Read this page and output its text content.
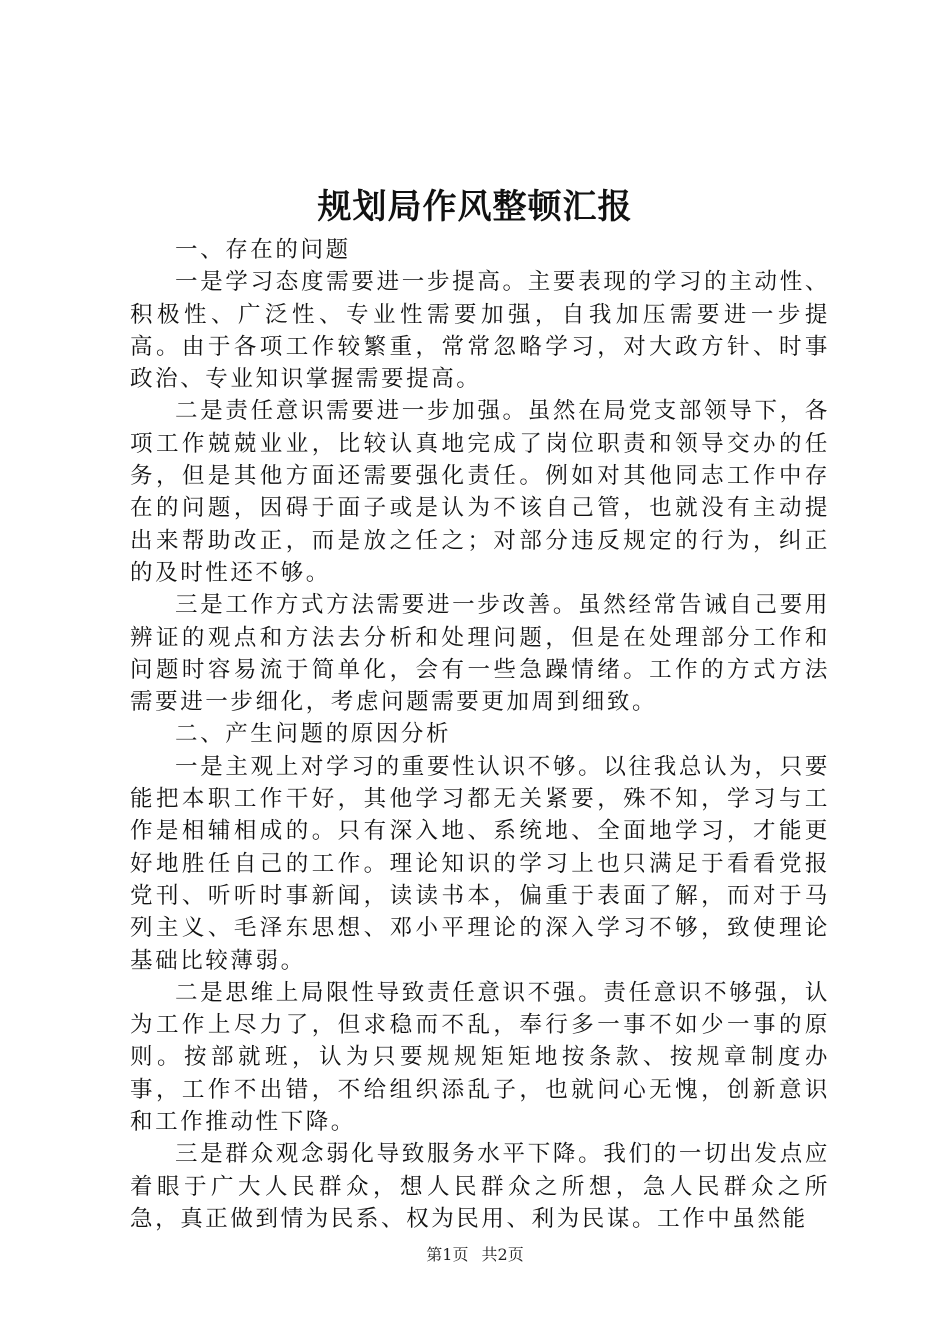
规划局作风整顿汇报

一、存在的问题

一是学习态度需要进一步提高。主要表现的学习的主动性、积极性、广泛性、专业性需要加强，自我加压需要进一步提高。由于各项工作较繁重，常常忽略学习，对大政方针、时事政治、专业知识掌握需要提高。

二是责任意识需要进一步加强。虽然在局党支部领导下，各项工作兢兢业业，比较认真地完成了岗位职责和领导交办的任务，但是其他方面还需要强化责任。例如对其他同志工作中存在的问题，因碍于面子或是认为不该自己管，也就没有主动提出来帮助改正，而是放之任之；对部分违反规定的行为，纠正的及时性还不够。

三是工作方式方法需要进一步改善。虽然经常告诫自己要用辨证的观点和方法去分析和处理问题，但是在处理部分工作和问题时容易流于简单化，会有一些急躁情绪。工作的方式方法需要进一步细化，考虑问题需要更加周到细致。

二、产生问题的原因分析

一是主观上对学习的重要性认识不够。以往我总认为，只要能把本职工作干好，其他学习都无关紧要，殊不知，学习与工作是相辅相成的。只有深入地、系统地、全面地学习，才能更好地胜任自己的工作。理论知识的学习上也只满足于看看党报党刊、听听时事新闻，读读书本，偏重于表面了解，而对于马列主义、毛泽东思想、邓小平理论的深入学习不够，致使理论基础比较薄弱。

二是思维上局限性导致责任意识不强。责任意识不够强，认为工作上尽力了，但求稳而不乱，奉行多一事不如少一事的原则。按部就班，认为只要规规矩矩地按条款、按规章制度办事，工作不出错，不给组织添乱子，也就问心无愧，创新意识和工作推动性下降。

三是群众观念弱化导致服务水平下降。我们的一切出发点应着眼于广大人民群众，想人民群众之所想，急人民群众之所急，真正做到情为民系、权为民用、利为民谋。工作中虽然能

第1页 共2页
